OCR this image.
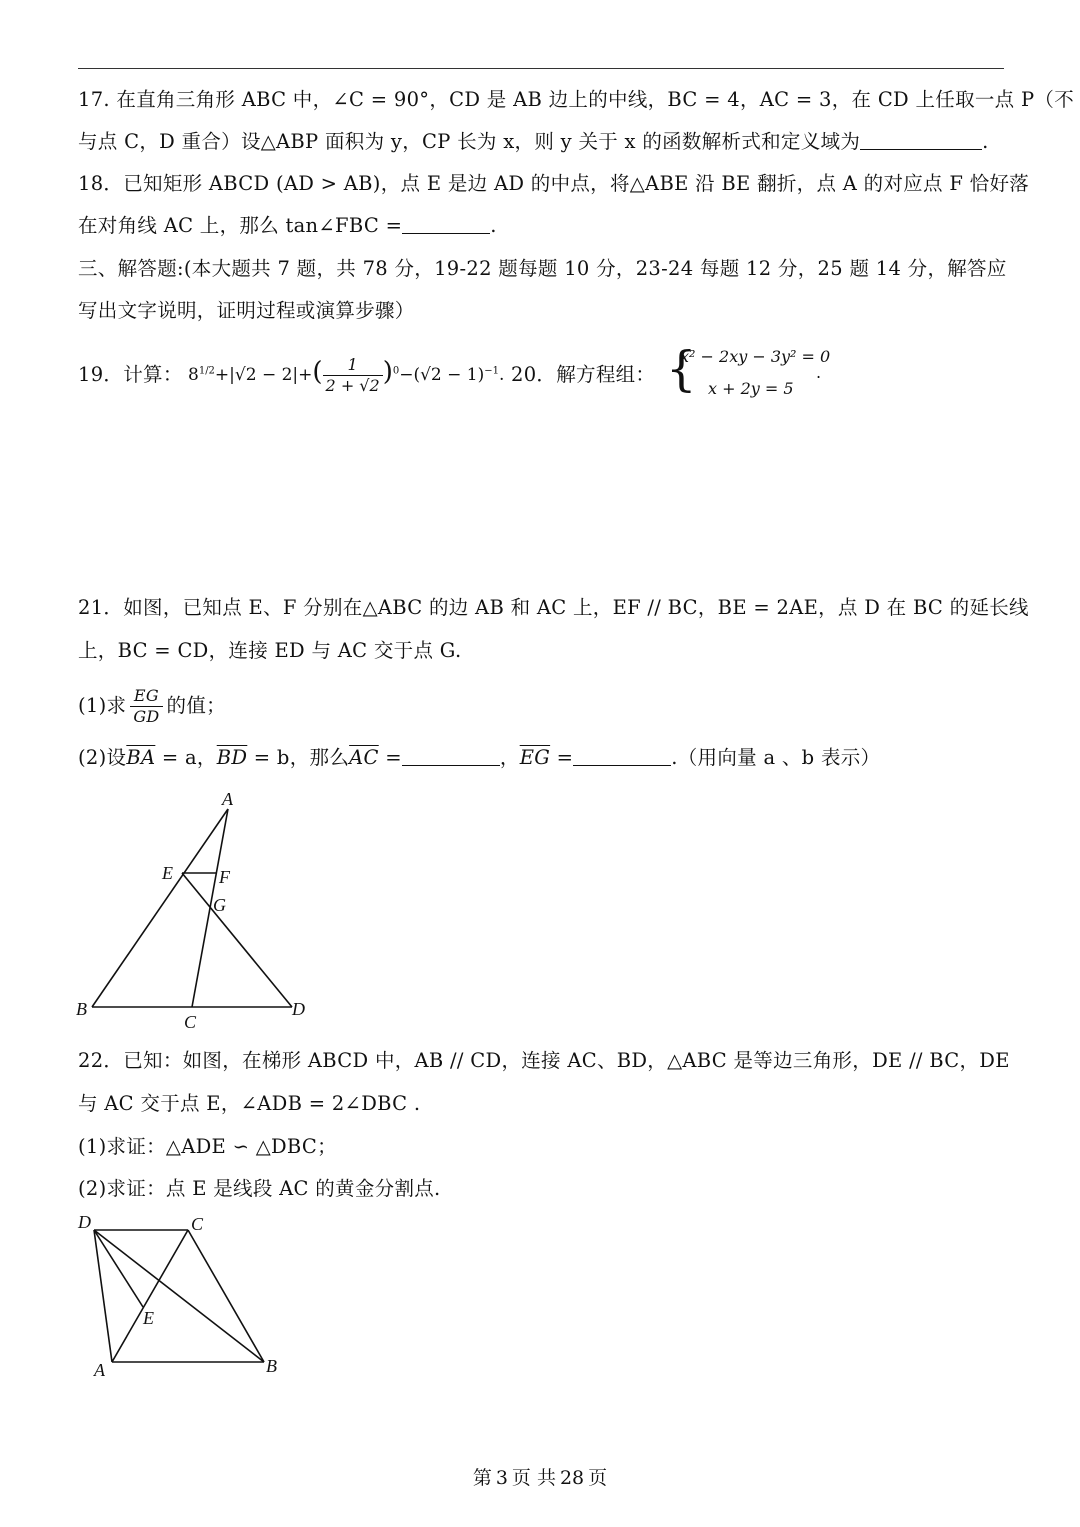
17. 在直角三角形 ABC 中，∠C = 90°，CD 是 AB 边上的中线，BC = 4，AC = 3，在 CD 上任取一点 P（不
与点 C，D 重合）设△ABP 面积为 y，CP 长为 x，则 y 关于 x 的函数解析式和定义域为	.
18．已知矩形 ABCD (AD > AB)，点 E 是边 AD 的中点，将△ABE 沿 BE 翻折，点 A 的对应点 F 恰好落
在对角线 AC 上，那么 tan∠FBC =	.
三、解答题:(本大题共 7 题，共 78 分，19-22 题每题 10 分，23-24 每题 12 分，25 题 14 分，解答应
写出文字说明，证明过程或演算步骤）
19．计算： $8^{1/2}+|√2 - 2|+( \frac{1}{2 + √2} )^0-(√2 - 1)^{-1}$. 20．解方程组： {
x² − 2xy − 3y² = 0
x + 2y = 5
.
21．如图，已知点 E、F 分别在△ABC 的边 AB 和 AC 上，EF // BC，BE = 2AE，点 D 在 BC 的延长线
上，BC = CD，连接 ED 与 AC 交于点 G.
(1)求 $\frac{EG}{GD}$ 的值；
(2)设$\overline{BA} = a$，$\overline{BD} = b$，那么$\overline{AC}$ =	，$\overline{EG}$ =	.（用向量 a 、b 表示）
A
E	F
G
B
C
D
22．已知：如图，在梯形 ABCD 中，AB // CD，连接 AC、BD，△ABC 是等边三角形，DE // BC，DE
与 AC 交于点 E，∠ADB = 2∠DBC .
(1)求证：△ADE ∽ △DBC；
(2)求证：点 E 是线段 AC 的黄金分割点.
D	C
E
A	B
第 3 页 共 28 页
